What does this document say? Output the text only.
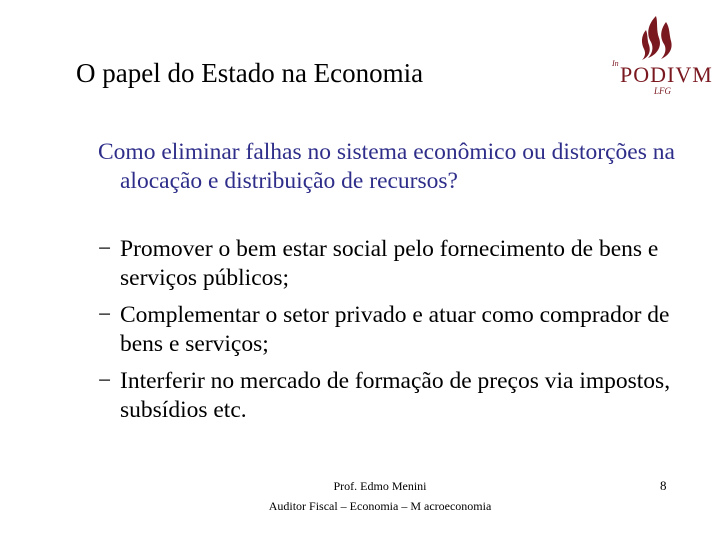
O papel do Estado na Economia	In PODIVM
LFG
Como eliminar falhas no sistema econômico ou distorções na alocação e distribuição de recursos?
− Promover o bem estar social pelo fornecimento de bens e serviços públicos;
− Complementar o setor privado e atuar como comprador de bens e serviços;
− Interferir no mercado de formação de preços via impostos, subsídios etc.
Prof. Edmo Menini
Auditor Fiscal – Economia – M acroeconomia
8
